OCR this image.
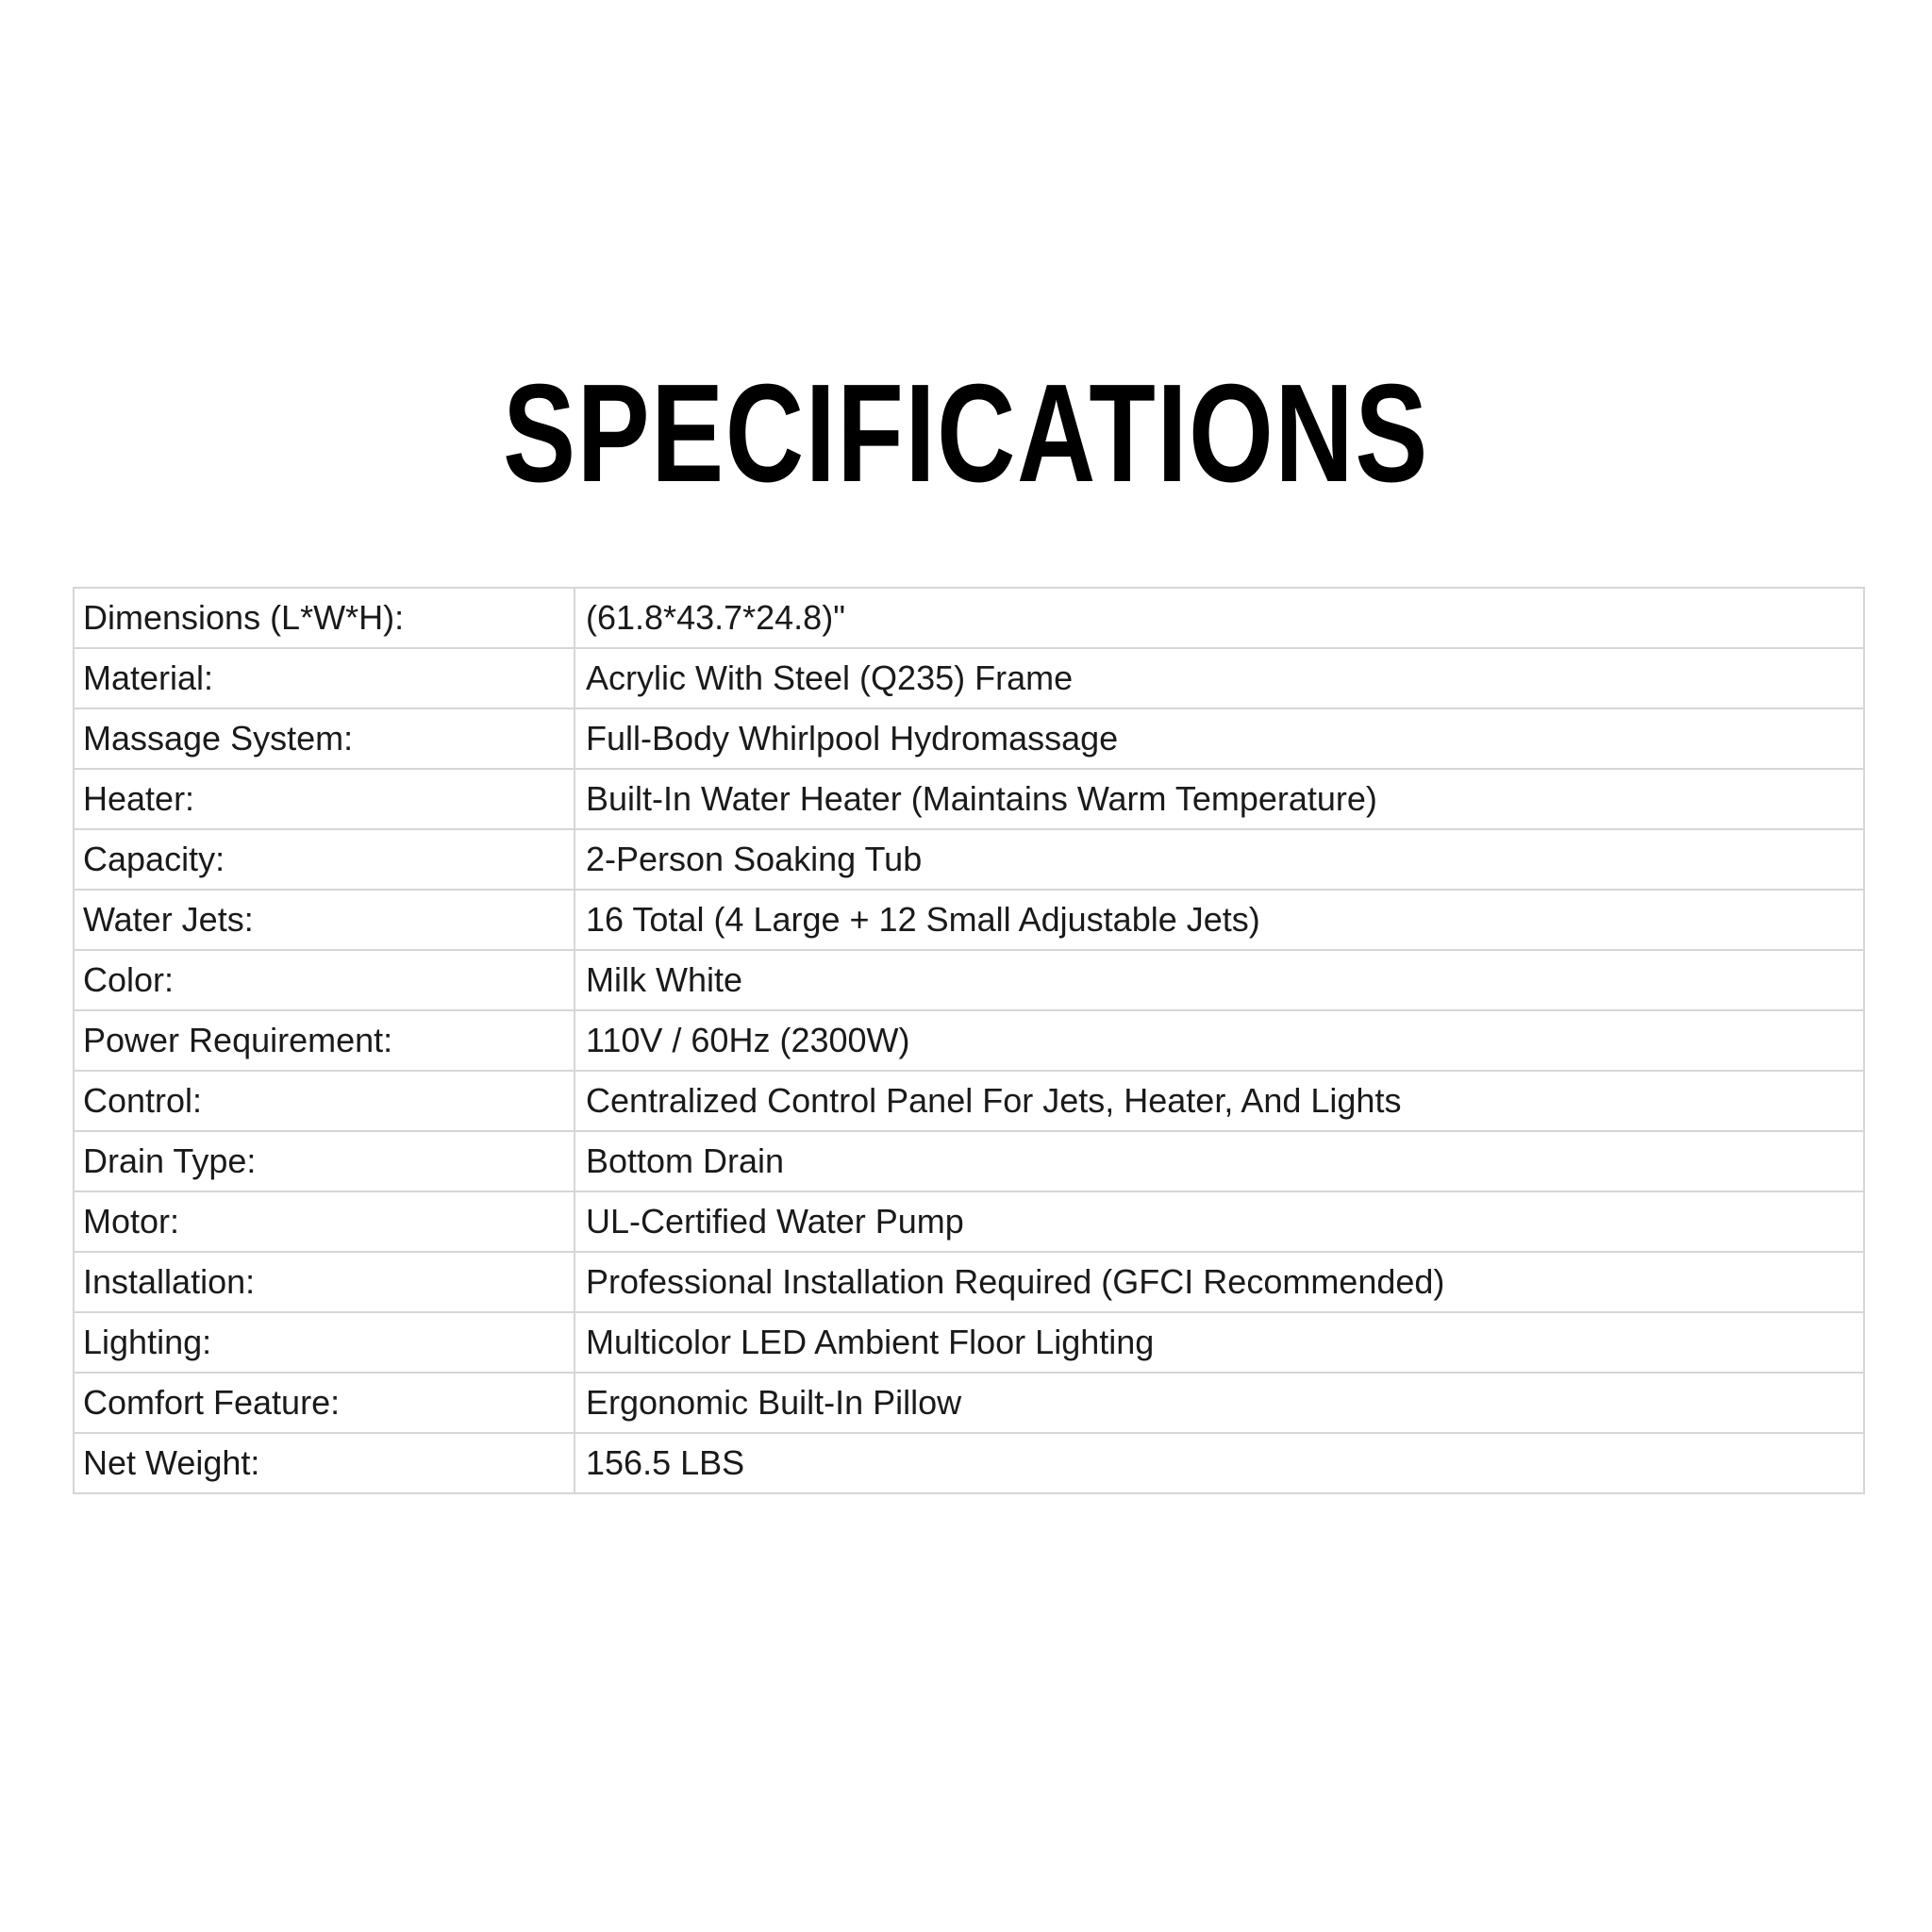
SPECIFICATIONS
Dimensions (L*W*H):	(61.8*43.7*24.8)"
Material:	Acrylic With Steel (Q235) Frame
Massage System:	Full-Body Whirlpool Hydromassage
Heater:	Built-In Water Heater (Maintains Warm Temperature)
Capacity:	2-Person Soaking Tub
Water Jets:	16 Total (4 Large + 12 Small Adjustable Jets)
Color:	Milk White
Power Requirement:	110V / 60Hz (2300W)
Control:	Centralized Control Panel For Jets, Heater, And Lights
Drain Type:	Bottom Drain
Motor:	UL-Certified Water Pump
Installation:	Professional Installation Required (GFCI Recommended)
Lighting:	Multicolor LED Ambient Floor Lighting
Comfort Feature:	Ergonomic Built-In Pillow
Net Weight:	156.5 LBS
